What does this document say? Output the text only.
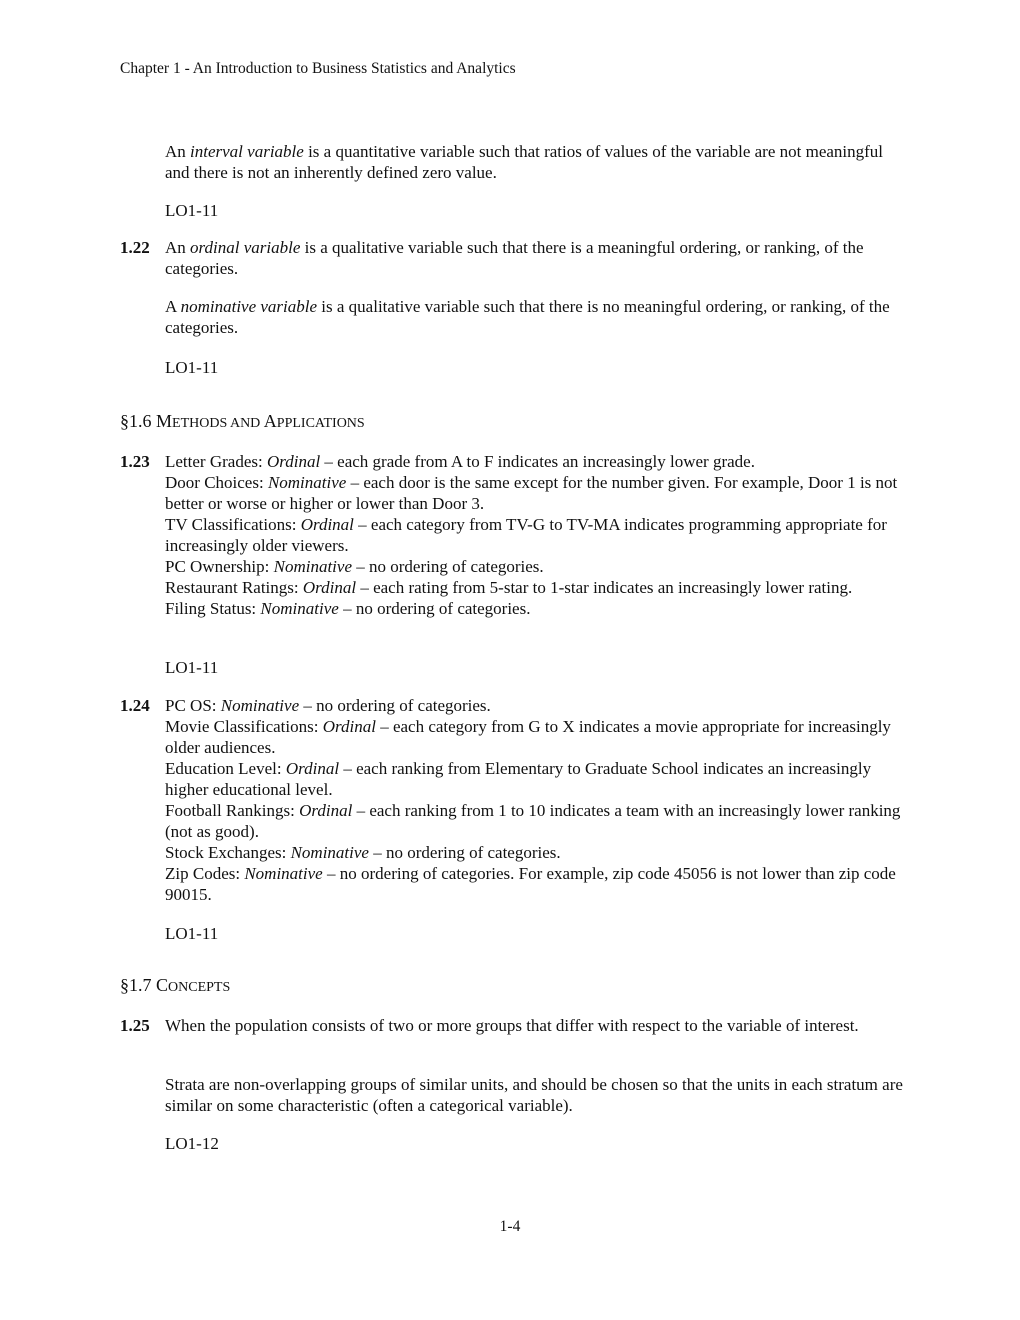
Chapter 1 - An Introduction to Business Statistics and Analytics
An interval variable is a quantitative variable such that ratios of values of the variable are not meaningful and there is not an inherently defined zero value.
LO1-11
1.22 An ordinal variable is a qualitative variable such that there is a meaningful ordering, or ranking, of the categories.
A nominative variable is a qualitative variable such that there is no meaningful ordering, or ranking, of the categories.
LO1-11
§1.6 METHODS AND APPLICATIONS
1.23 Letter Grades: Ordinal – each grade from A to F indicates an increasingly lower grade.
Door Choices: Nominative – each door is the same except for the number given. For example, Door 1 is not better or worse or higher or lower than Door 3.
TV Classifications: Ordinal – each category from TV-G to TV-MA indicates programming appropriate for increasingly older viewers.
PC Ownership: Nominative – no ordering of categories.
Restaurant Ratings: Ordinal – each rating from 5-star to 1-star indicates an increasingly lower rating.
Filing Status: Nominative – no ordering of categories.
LO1-11
1.24 PC OS: Nominative – no ordering of categories.
Movie Classifications: Ordinal – each category from G to X indicates a movie appropriate for increasingly older audiences.
Education Level: Ordinal – each ranking from Elementary to Graduate School indicates an increasingly higher educational level.
Football Rankings: Ordinal – each ranking from 1 to 10 indicates a team with an increasingly lower ranking (not as good).
Stock Exchanges: Nominative – no ordering of categories.
Zip Codes: Nominative – no ordering of categories. For example, zip code 45056 is not lower than zip code 90015.
LO1-11
§1.7 CONCEPTS
1.25 When the population consists of two or more groups that differ with respect to the variable of interest.
Strata are non-overlapping groups of similar units, and should be chosen so that the units in each stratum are similar on some characteristic (often a categorical variable).
LO1-12
1-4
